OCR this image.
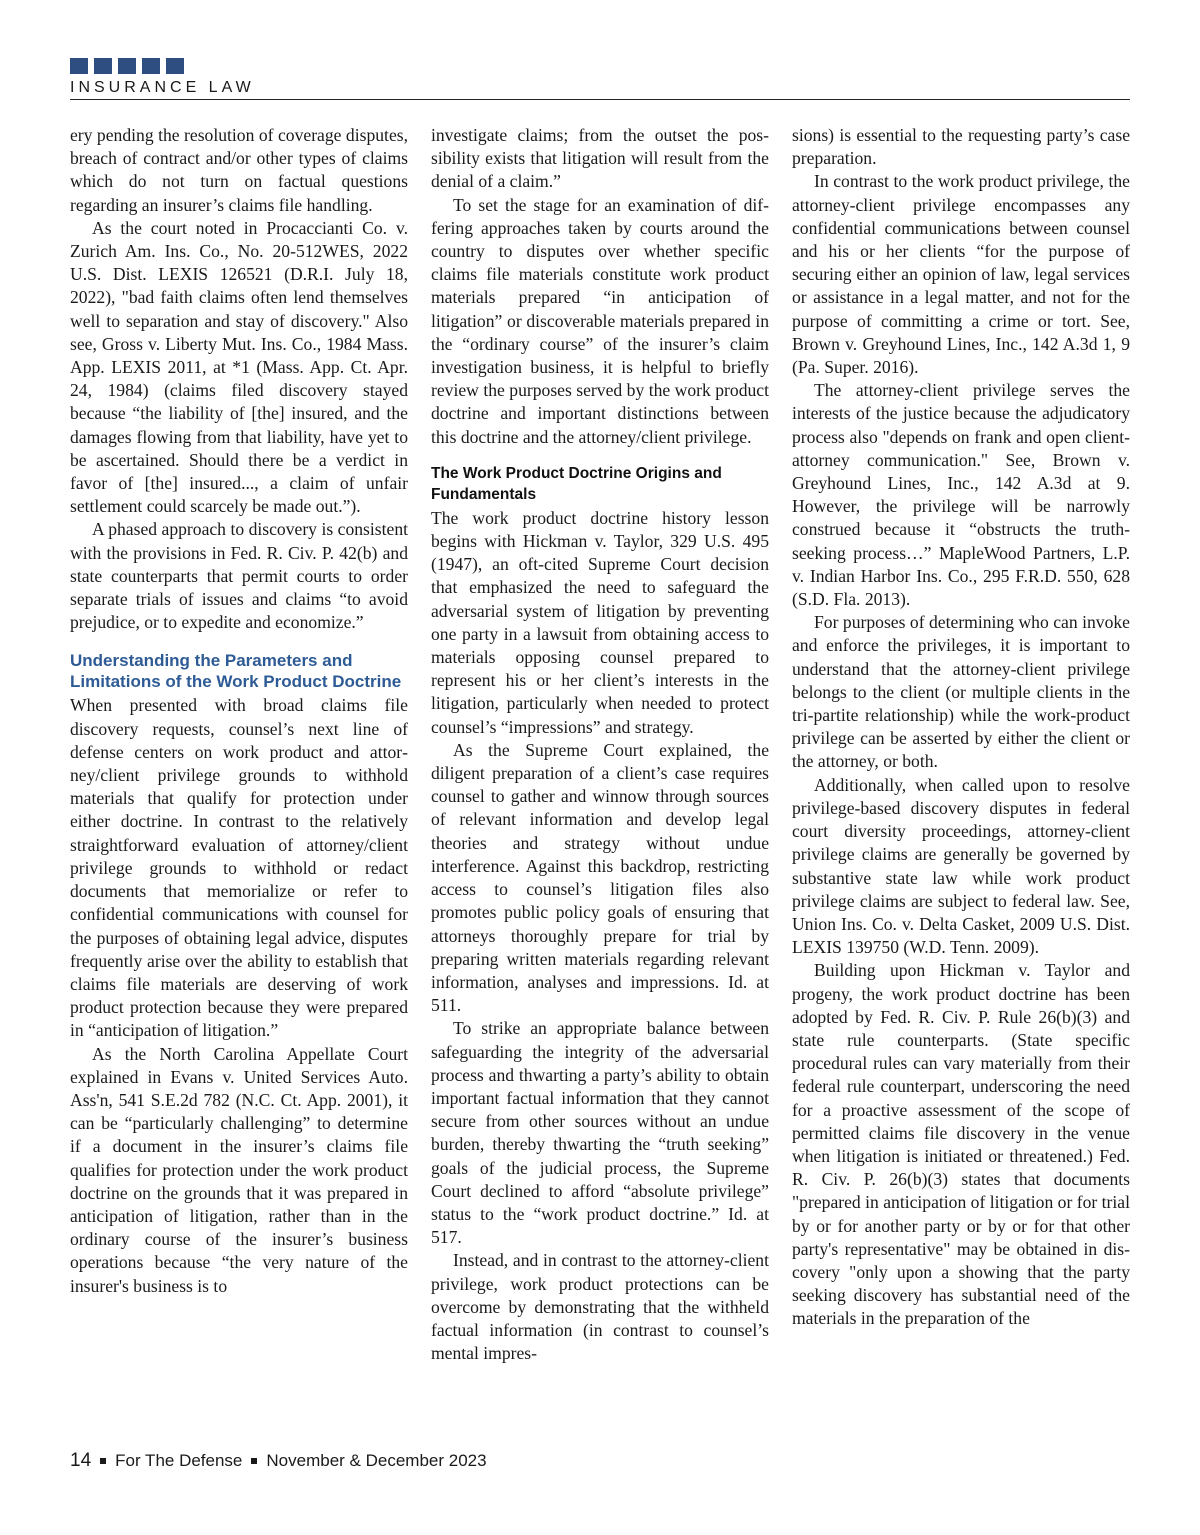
INSURANCE LAW

ery pending the resolution of coverage disputes, breach of contract and/or other types of claims which do not turn on factual questions regarding an insurer’s claims file handling.

As the court noted in Procaccianti Co. v. Zurich Am. Ins. Co., No. 20-512WES, 2022 U.S. Dist. LEXIS 126521 (D.R.I. July 18, 2022), "bad faith claims often lend themselves well to separation and stay of discovery." Also see, Gross v. Liberty Mut. Ins. Co., 1984 Mass. App. LEXIS 2011, at *1 (Mass. App. Ct. Apr. 24, 1984) (claims filed discovery stayed because “the liability of [the] insured, and the damages flowing from that liability, have yet to be ascertained. Should there be a verdict in favor of [the] insured..., a claim of unfair settlement could scarcely be made out.”).

A phased approach to discovery is consistent with the provisions in Fed. R. Civ. P. 42(b) and state counterparts that permit courts to order separate trials of issues and claims “to avoid prejudice, or to expedite and economize.”

Understanding the Parameters and Limitations of the Work Product Doctrine

When presented with broad claims file discovery requests, counsel’s next line of defense centers on work product and attorney/client privilege grounds to withhold materials that qualify for protection under either doctrine. In contrast to the relatively straightforward evaluation of attorney/client privilege grounds to withhold or redact documents that memorialize or refer to confidential communications with counsel for the purposes of obtaining legal advice, disputes frequently arise over the ability to establish that claims file materials are deserving of work product protection because they were prepared in “anticipation of litigation.”

As the North Carolina Appellate Court explained in Evans v. United Services Auto. Ass'n, 541 S.E.2d 782 (N.C. Ct. App. 2001), it can be “particularly challenging” to determine if a document in the insurer’s claims file qualifies for protection under the work product doctrine on the grounds that it was prepared in anticipation of litigation, rather than in the ordinary course of the insurer’s business operations because “the very nature of the insurer's business is to

investigate claims; from the outset the possibility exists that litigation will result from the denial of a claim.”

To set the stage for an examination of differing approaches taken by courts around the country to disputes over whether specific claims file materials constitute work product materials prepared “in anticipation of litigation” or discoverable materials prepared in the “ordinary course” of the insurer’s claim investigation business, it is helpful to briefly review the purposes served by the work product doctrine and important distinctions between this doctrine and the attorney/client privilege.

The Work Product Doctrine Origins and Fundamentals

The work product doctrine history lesson begins with Hickman v. Taylor, 329 U.S. 495 (1947), an oft-cited Supreme Court decision that emphasized the need to safeguard the adversarial system of litigation by preventing one party in a lawsuit from obtaining access to materials opposing counsel prepared to represent his or her client’s interests in the litigation, particularly when needed to protect counsel’s “impressions” and strategy.

As the Supreme Court explained, the diligent preparation of a client’s case requires counsel to gather and winnow through sources of relevant information and develop legal theories and strategy without undue interference. Against this backdrop, restricting access to counsel’s litigation files also promotes public policy goals of ensuring that attorneys thoroughly prepare for trial by preparing written materials regarding relevant information, analyses and impressions. Id. at 511.

To strike an appropriate balance between safeguarding the integrity of the adversarial process and thwarting a party’s ability to obtain important factual information that they cannot secure from other sources without an undue burden, thereby thwarting the “truth seeking” goals of the judicial process, the Supreme Court declined to afford “absolute privilege” status to the “work product doctrine.” Id. at 517.

Instead, and in contrast to the attorney-client privilege, work product protections can be overcome by demonstrating that the withheld factual information (in contrast to counsel’s mental impres-

sions) is essential to the requesting party’s case preparation.

In contrast to the work product privilege, the attorney-client privilege encompasses any confidential communications between counsel and his or her clients “for the purpose of securing either an opinion of law, legal services or assistance in a legal matter, and not for the purpose of committing a crime or tort. See, Brown v. Greyhound Lines, Inc., 142 A.3d 1, 9 (Pa. Super. 2016).

The attorney-client privilege serves the interests of the justice because the adjudicatory process also "depends on frank and open client-attorney communication." See, Brown v. Greyhound Lines, Inc., 142 A.3d at 9. However, the privilege will be narrowly construed because it “obstructs the truth-seeking process…” MapleWood Partners, L.P. v. Indian Harbor Ins. Co., 295 F.R.D. 550, 628 (S.D. Fla. 2013).

For purposes of determining who can invoke and enforce the privileges, it is important to understand that the attorney-client privilege belongs to the client (or multiple clients in the tri-partite relationship) while the work-product privilege can be asserted by either the client or the attorney, or both.

Additionally, when called upon to resolve privilege-based discovery disputes in federal court diversity proceedings, attorney-client privilege claims are generally be governed by substantive state law while work product privilege claims are subject to federal law. See, Union Ins. Co. v. Delta Casket, 2009 U.S. Dist. LEXIS 139750 (W.D. Tenn. 2009).

Building upon Hickman v. Taylor and progeny, the work product doctrine has been adopted by Fed. R. Civ. P. Rule 26(b)(3) and state rule counterparts. (State specific procedural rules can vary materially from their federal rule counterpart, underscoring the need for a proactive assessment of the scope of permitted claims file discovery in the venue when litigation is initiated or threatened.) Fed. R. Civ. P. 26(b)(3) states that documents "prepared in anticipation of litigation or for trial by or for another party or by or for that other party's representative" may be obtained in discovery "only upon a showing that the party seeking discovery has substantial need of the materials in the preparation of the

14 For The Defense November & December 2023
